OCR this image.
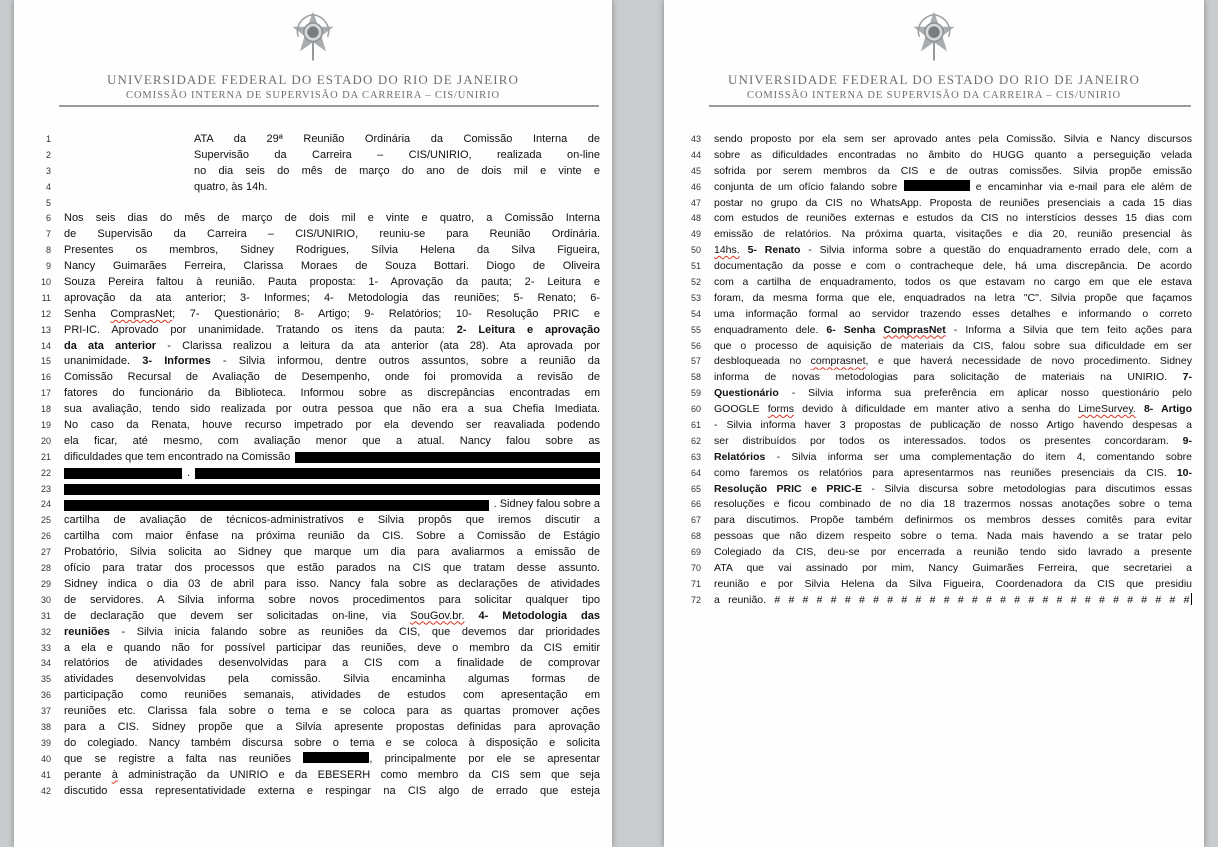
UNIVERSIDADE FEDERAL DO ESTADO DO RIO DE JANEIRO
COMISSÃO INTERNA DE SUPERVISÃO DA CARREIRA – CIS/UNIRIO
1	ATA da 29ª Reunião Ordinária da Comissão Interna de
2	Supervisão da Carreira – CIS/UNIRIO, realizada on-line
3	no dia seis do mês de março do ano de dois mil e vinte e
4	quatro, às 14h.
5
6	Nos seis dias do mês de março de dois mil e vinte e quatro, a Comissão Interna
7	de Supervisão da Carreira – CIS/UNIRIO, reuniu-se para Reunião Ordinária.
8	Presentes os membros, Sidney Rodrigues, Sílvia Helena da Silva Figueira,
9	Nancy Guimarães Ferreira, Clarissa Moraes de Souza Bottari. Diogo de Oliveira
10	Souza Pereira faltou à reunião. Pauta proposta: 1- Aprovação da pauta; 2- Leitura e
11	aprovação da ata anterior; 3- Informes; 4- Metodologia das reuniões; 5- Renato; 6-
12	Senha ComprasNet; 7- Questionário; 8- Artigo; 9- Relatórios; 10- Resolução PRIC e
13	PRI-IC. Aprovado por unanimidade. Tratando os itens da pauta: 2- Leitura e aprovação
14	da ata anterior - Clarissa realizou a leitura da ata anterior (ata 28). Ata aprovada por
15	unanimidade. 3- Informes - Silvia informou, dentre outros assuntos, sobre a reunião da
16	Comissão Recursal de Avaliação de Desempenho, onde foi promovida a revisão de
17	fatores do funcionário da Biblioteca. Informou sobre as discrepâncias encontradas em
18	sua avaliação, tendo sido realizada por outra pessoa que não era a sua Chefia Imediata.
19	No caso da Renata, houve recurso impetrado por ela devendo ser reavaliada podendo
20	ela ficar, até mesmo, com avaliação menor que a atual. Nancy falou sobre as
21	dificuldades que tem encontrado na Comissão
22	.
23
24	. Sidney falou sobre a
25	cartilha de avaliação de técnicos-administrativos e Silvia propôs que iremos discutir a
26	cartilha com maior ênfase na próxima reunião da CIS. Sobre a Comissão de Estágio
27	Probatório, Silvia solicita ao Sidney que marque um dia para avaliarmos a emissão de
28	ofício para tratar dos processos que estão parados na CIS que tratam desse assunto.
29	Sidney indica o dia 03 de abril para isso. Nancy fala sobre as declarações de atividades
30	de servidores. A Silvia informa sobre novos procedimentos para solicitar qualquer tipo
31	de declaração que devem ser solicitadas on-line, via SouGov.br. 4- Metodologia das
32	reuniões - Silvia inicia falando sobre as reuniões da CIS, que devemos dar prioridades
33	a ela e quando não for possível participar das reuniões, deve o membro da CIS emitir
34	relatórios de atividades desenvolvidas para a CIS com a finalidade de comprovar
35	atividades desenvolvidas pela comissão. Silvia encaminha algumas formas de
36	participação como reuniões semanais, atividades de estudos com apresentação em
37	reuniões etc. Clarissa fala sobre o tema e se coloca para as quartas promover ações
38	para a CIS. Sidney propõe que a Silvia apresente propostas definidas para aprovação
39	do colegiado. Nancy também discursa sobre o tema e se coloca à disposição e solicita
40	que se registre a falta nas reuniões	, principalmente por ele se apresentar
41	perante à administração da UNIRIO e da EBESERH como membro da CIS sem que seja
42	discutido essa representatividade externa e respingar na CIS algo de errado que esteja
UNIVERSIDADE FEDERAL DO ESTADO DO RIO DE JANEIRO
COMISSÃO INTERNA DE SUPERVISÃO DA CARREIRA – CIS/UNIRIO
43	sendo proposto por ela sem ser aprovado antes pela Comissão. Silvia e Nancy discursos
44	sobre as dificuldades encontradas no âmbito do HUGG quanto a perseguição velada
45	sofrida por serem membros da CIS e de outras comissões. Silvia propõe emissão
46	conjunta de um ofício falando sobre	e encaminhar via e-mail para ele além de
47	postar no grupo da CIS no WhatsApp. Proposta de reuniões presenciais a cada 15 dias
48	com estudos de reuniões externas e estudos da CIS no interstícios desses 15 dias com
49	emissão de relatórios. Na próxima quarta, visitações e dia 20, reunião presencial às
50	14hs. 5- Renato - Silvia informa sobre a questão do enquadramento errado dele, com a
51	documentação da posse e com o contracheque dele, há uma discrepância. De acordo
52	com a cartilha de enquadramento, todos os que estavam no cargo em que ele estava
53	foram, da mesma forma que ele, enquadrados na letra "C". Silvia propõe que façamos
54	uma informação formal ao servidor trazendo esses detalhes e informando o correto
55	enquadramento dele. 6- Senha ComprasNet - Informa a Silvia que tem feito ações para
56	que o processo de aquisição de materiais da CIS, falou sobre sua dificuldade em ser
57	desbloqueada no comprasnet, e que haverá necessidade de novo procedimento. Sidney
58	informa de novas metodologias para solicitação de materiais na UNIRIO. 7-
59	Questionário - Silvia informa sua preferência em aplicar nosso questionário pelo
60	GOOGLE forms devido à dificuldade em manter ativo a senha do LimeSurvey. 8- Artigo
61	- Silvia informa haver 3 propostas de publicação de nosso Artigo havendo despesas a
62	ser distribuídos por todos os interessados. todos os presentes concordaram. 9-
63	Relatórios - Silvia informa ser uma complementação do item 4, comentando sobre
64	como faremos os relatórios para apresentarmos nas reuniões presenciais da CIS. 10-
65	Resolução PRIC e PRIC-E - Silvia discursa sobre metodologias para discutimos essas
66	resoluções e ficou combinado de no dia 18 trazermos nossas anotações sobre o tema
67	para discutimos. Propõe também definirmos os membros desses comitês para evitar
68	pessoas que não dizem respeito sobre o tema. Nada mais havendo a se tratar pelo
69	Colegiado da CIS, deu-se por encerrada a reunião tendo sido lavrado a presente
70	ATA que vai assinado por mim, Nancy Guimarães Ferreira, que secretariei a
71	reunião e por Silvia Helena da Silva Figueira, Coordenadora da CIS que presidiu
72	a reunião. # # # # # # # # # # # # # # # # # # # # # # # # # # # # # #
